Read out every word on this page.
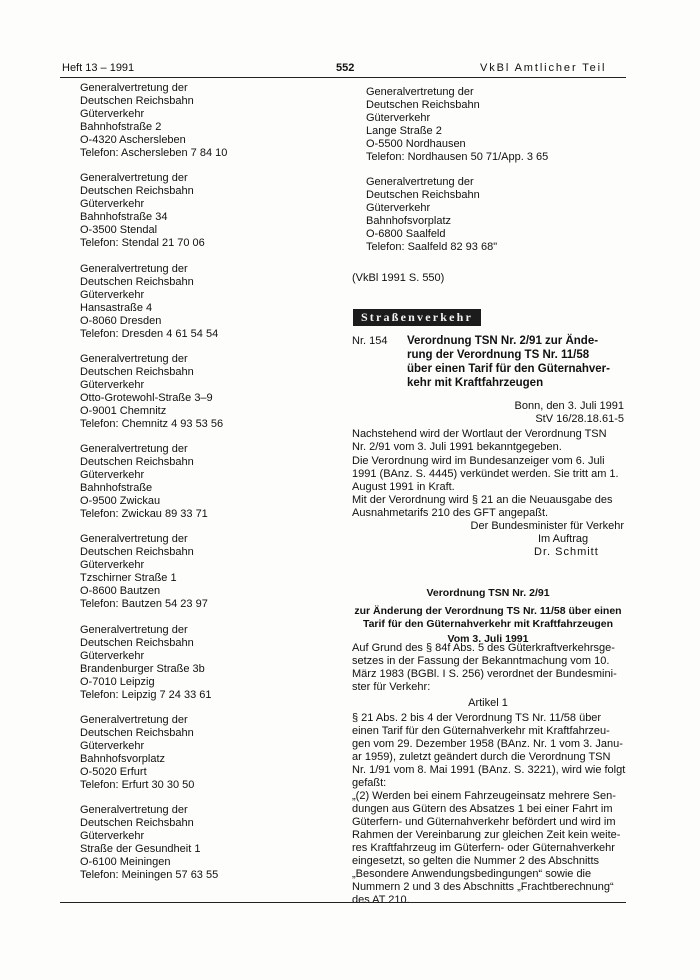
Heft 13 – 1991	552	VkBl Amtlicher Teil
Generalvertretung der
Deutschen Reichsbahn
Güterverkehr
Bahnhofstraße 2
O-4320 Aschersleben
Telefon: Aschersleben 7 84 10
Generalvertretung der
Deutschen Reichsbahn
Güterverkehr
Bahnhofstraße 34
O-3500 Stendal
Telefon: Stendal 21 70 06
Generalvertretung der
Deutschen Reichsbahn
Güterverkehr
Hansastraße 4
O-8060 Dresden
Telefon: Dresden 4 61 54 54
Generalvertretung der
Deutschen Reichsbahn
Güterverkehr
Otto-Grotewohl-Straße 3–9
O-9001 Chemnitz
Telefon: Chemnitz 4 93 53 56
Generalvertretung der
Deutschen Reichsbahn
Güterverkehr
Bahnhofstraße
O-9500 Zwickau
Telefon: Zwickau 89 33 71
Generalvertretung der
Deutschen Reichsbahn
Güterverkehr
Tzschirner Straße 1
O-8600 Bautzen
Telefon: Bautzen 54 23 97
Generalvertretung der
Deutschen Reichsbahn
Güterverkehr
Brandenburger Straße 3b
O-7010 Leipzig
Telefon: Leipzig 7 24 33 61
Generalvertretung der
Deutschen Reichsbahn
Güterverkehr
Bahnhofsvorplatz
O-5020 Erfurt
Telefon: Erfurt 30 30 50
Generalvertretung der
Deutschen Reichsbahn
Güterverkehr
Straße der Gesundheit 1
O-6100 Meiningen
Telefon: Meiningen 57 63 55
Generalvertretung der
Deutschen Reichsbahn
Güterverkehr
Lange Straße 2
O-5500 Nordhausen
Telefon: Nordhausen 50 71/App. 3 65
Generalvertretung der
Deutschen Reichsbahn
Güterverkehr
Bahnhofsvorplatz
O-6800 Saalfeld
Telefon: Saalfeld 82 93 68"
(VkBl 1991 S. 550)
Straßenverkehr
Nr. 154 Verordnung TSN Nr. 2/91 zur Ände-
rung der Verordnung TS Nr. 11/58
über einen Tarif für den Güternahver-
kehr mit Kraftfahrzeugen
Bonn, den 3. Juli 1991
StV 16/28.18.61-5
Nachstehend wird der Wortlaut der Verordnung TSN
Nr. 2/91 vom 3. Juli 1991 bekanntgegeben.
Die Verordnung wird im Bundesanzeiger vom 6. Juli
1991 (BAnz. S. 4445) verkündet werden. Sie tritt am 1.
August 1991 in Kraft.
Mit der Verordnung wird § 21 an die Neuausgabe des
Ausnahmetarifs 210 des GFT angepaßt.
Der Bundesminister für Verkehr
Im Auftrag
Dr. Schmitt
Verordnung TSN Nr. 2/91
zur Änderung der Verordnung TS Nr. 11/58 über einen
Tarif für den Güternahverkehr mit Kraftfahrzeugen
Vom 3. Juli 1991
Auf Grund des § 84f Abs. 5 des Güterkraftverkehrsge-
setzes in der Fassung der Bekanntmachung vom 10.
März 1983 (BGBl. I S. 256) verordnet der Bundesmini-
ster für Verkehr:
Artikel 1
§ 21 Abs. 2 bis 4 der Verordnung TS Nr. 11/58 über
einen Tarif für den Güternahverkehr mit Kraftfahrzeu-
gen vom 29. Dezember 1958 (BAnz. Nr. 1 vom 3. Janu-
ar 1959), zuletzt geändert durch die Verordnung TSN
Nr. 1/91 vom 8. Mai 1991 (BAnz. S. 3221), wird wie folgt
gefaßt:
„(2) Werden bei einem Fahrzeugeinsatz mehrere Sen-
dungen aus Gütern des Absatzes 1 bei einer Fahrt im
Güterfern- und Güternahverkehr befördert und wird im
Rahmen der Vereinbarung zur gleichen Zeit kein weite-
res Kraftfahrzeug im Güterfern- oder Güternahverkehr
eingesetzt, so gelten die Nummer 2 des Abschnitts
„Besondere Anwendungsbedingungen“ sowie die
Nummern 2 und 3 des Abschnitts „Frachtberechnung“
des AT 210.
